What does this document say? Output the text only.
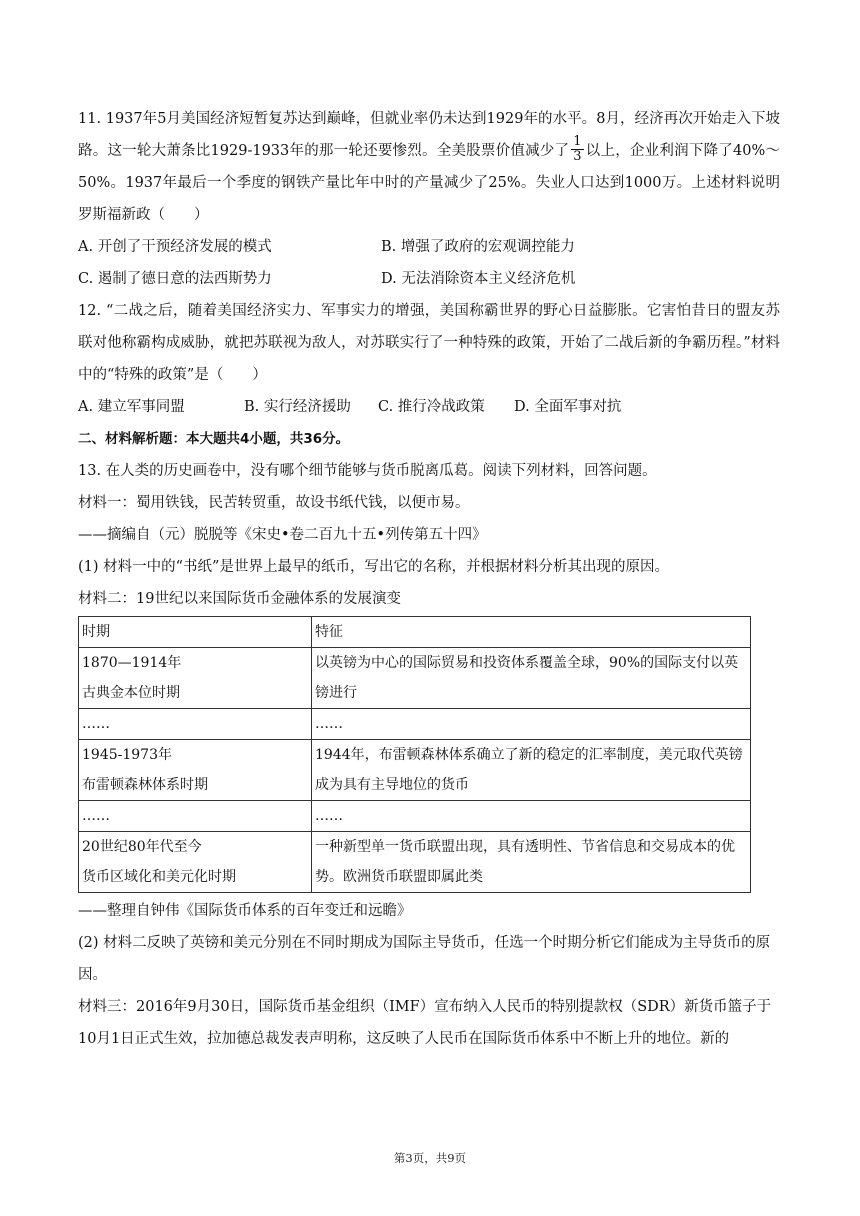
11. 1937年5月美国经济短暂复苏达到巅峰，但就业率仍未达到1929年的水平。8月，经济再次开始走入下坡路。这一轮大萧条比1929-1933年的那一轮还要惨烈。全美股票价值减少了 $\frac{1}{3}$ 以上，企业利润下降了40%～50%。1937年最后一个季度的钢铁产量比年中时的产量减少了25%。失业人口达到1000万。上述材料说明罗斯福新政（　　）

A. 开创了干预经济发展的模式	B. 增强了政府的宏观调控能力
C. 遏制了德日意的法西斯势力	D. 无法消除资本主义经济危机

12. “二战之后，随着美国经济实力、军事实力的增强，美国称霸世界的野心日益膨胀。它害怕昔日的盟友苏联对他称霸构成威胁，就把苏联视为敌人，对苏联实行了一种特殊的政策，开始了二战后新的争霸历程。”材料中的“特殊的政策”是（　　）

A. 建立军事同盟	B. 实行经济援助 C. 推行冷战政策 D. 全面军事对抗

二、材料解析题：本大题共4小题，共36分。

13. 在人类的历史画卷中，没有哪个细节能够与货币脱离瓜葛。阅读下列材料，回答问题。

材料一：蜀用铁钱，民苦转贸重，故设书纸代钱，以便市易。

——摘编自（元）脱脱等《宋史•卷二百九十五•列传第五十四》

(1) 材料一中的“书纸”是世界上最早的纸币，写出它的名称，并根据材料分析其出现的原因。

材料二：19世纪以来国际货币金融体系的发展演变

时期	特征

1870—1914年
古典金本位时期	以英镑为中心的国际贸易和投资体系覆盖全球，90%的国际支付以英镑进行
……	……

1945-1973年
布雷顿森林体系时期	1944年，布雷顿森林体系确立了新的稳定的汇率制度，美元取代英镑成为具有主导地位的货币
……	……

20世纪80年代至今
货币区域化和美元化时期	一种新型单一货币联盟出现，具有透明性、节省信息和交易成本的优势。欧洲货币联盟即属此类

——整理自钟伟《国际货币体系的百年变迁和远瞻》

(2) 材料二反映了英镑和美元分别在不同时期成为国际主导货币，任选一个时期分析它们能成为主导货币的原因。

材料三：2016年9月30日，国际货币基金组织（IMF）宣布纳入人民币的特别提款权（SDR）新货币篮子于10月1日正式生效，拉加德总裁发表声明称，这反映了人民币在国际货币体系中不断上升的地位。新的

第3页，共9页
